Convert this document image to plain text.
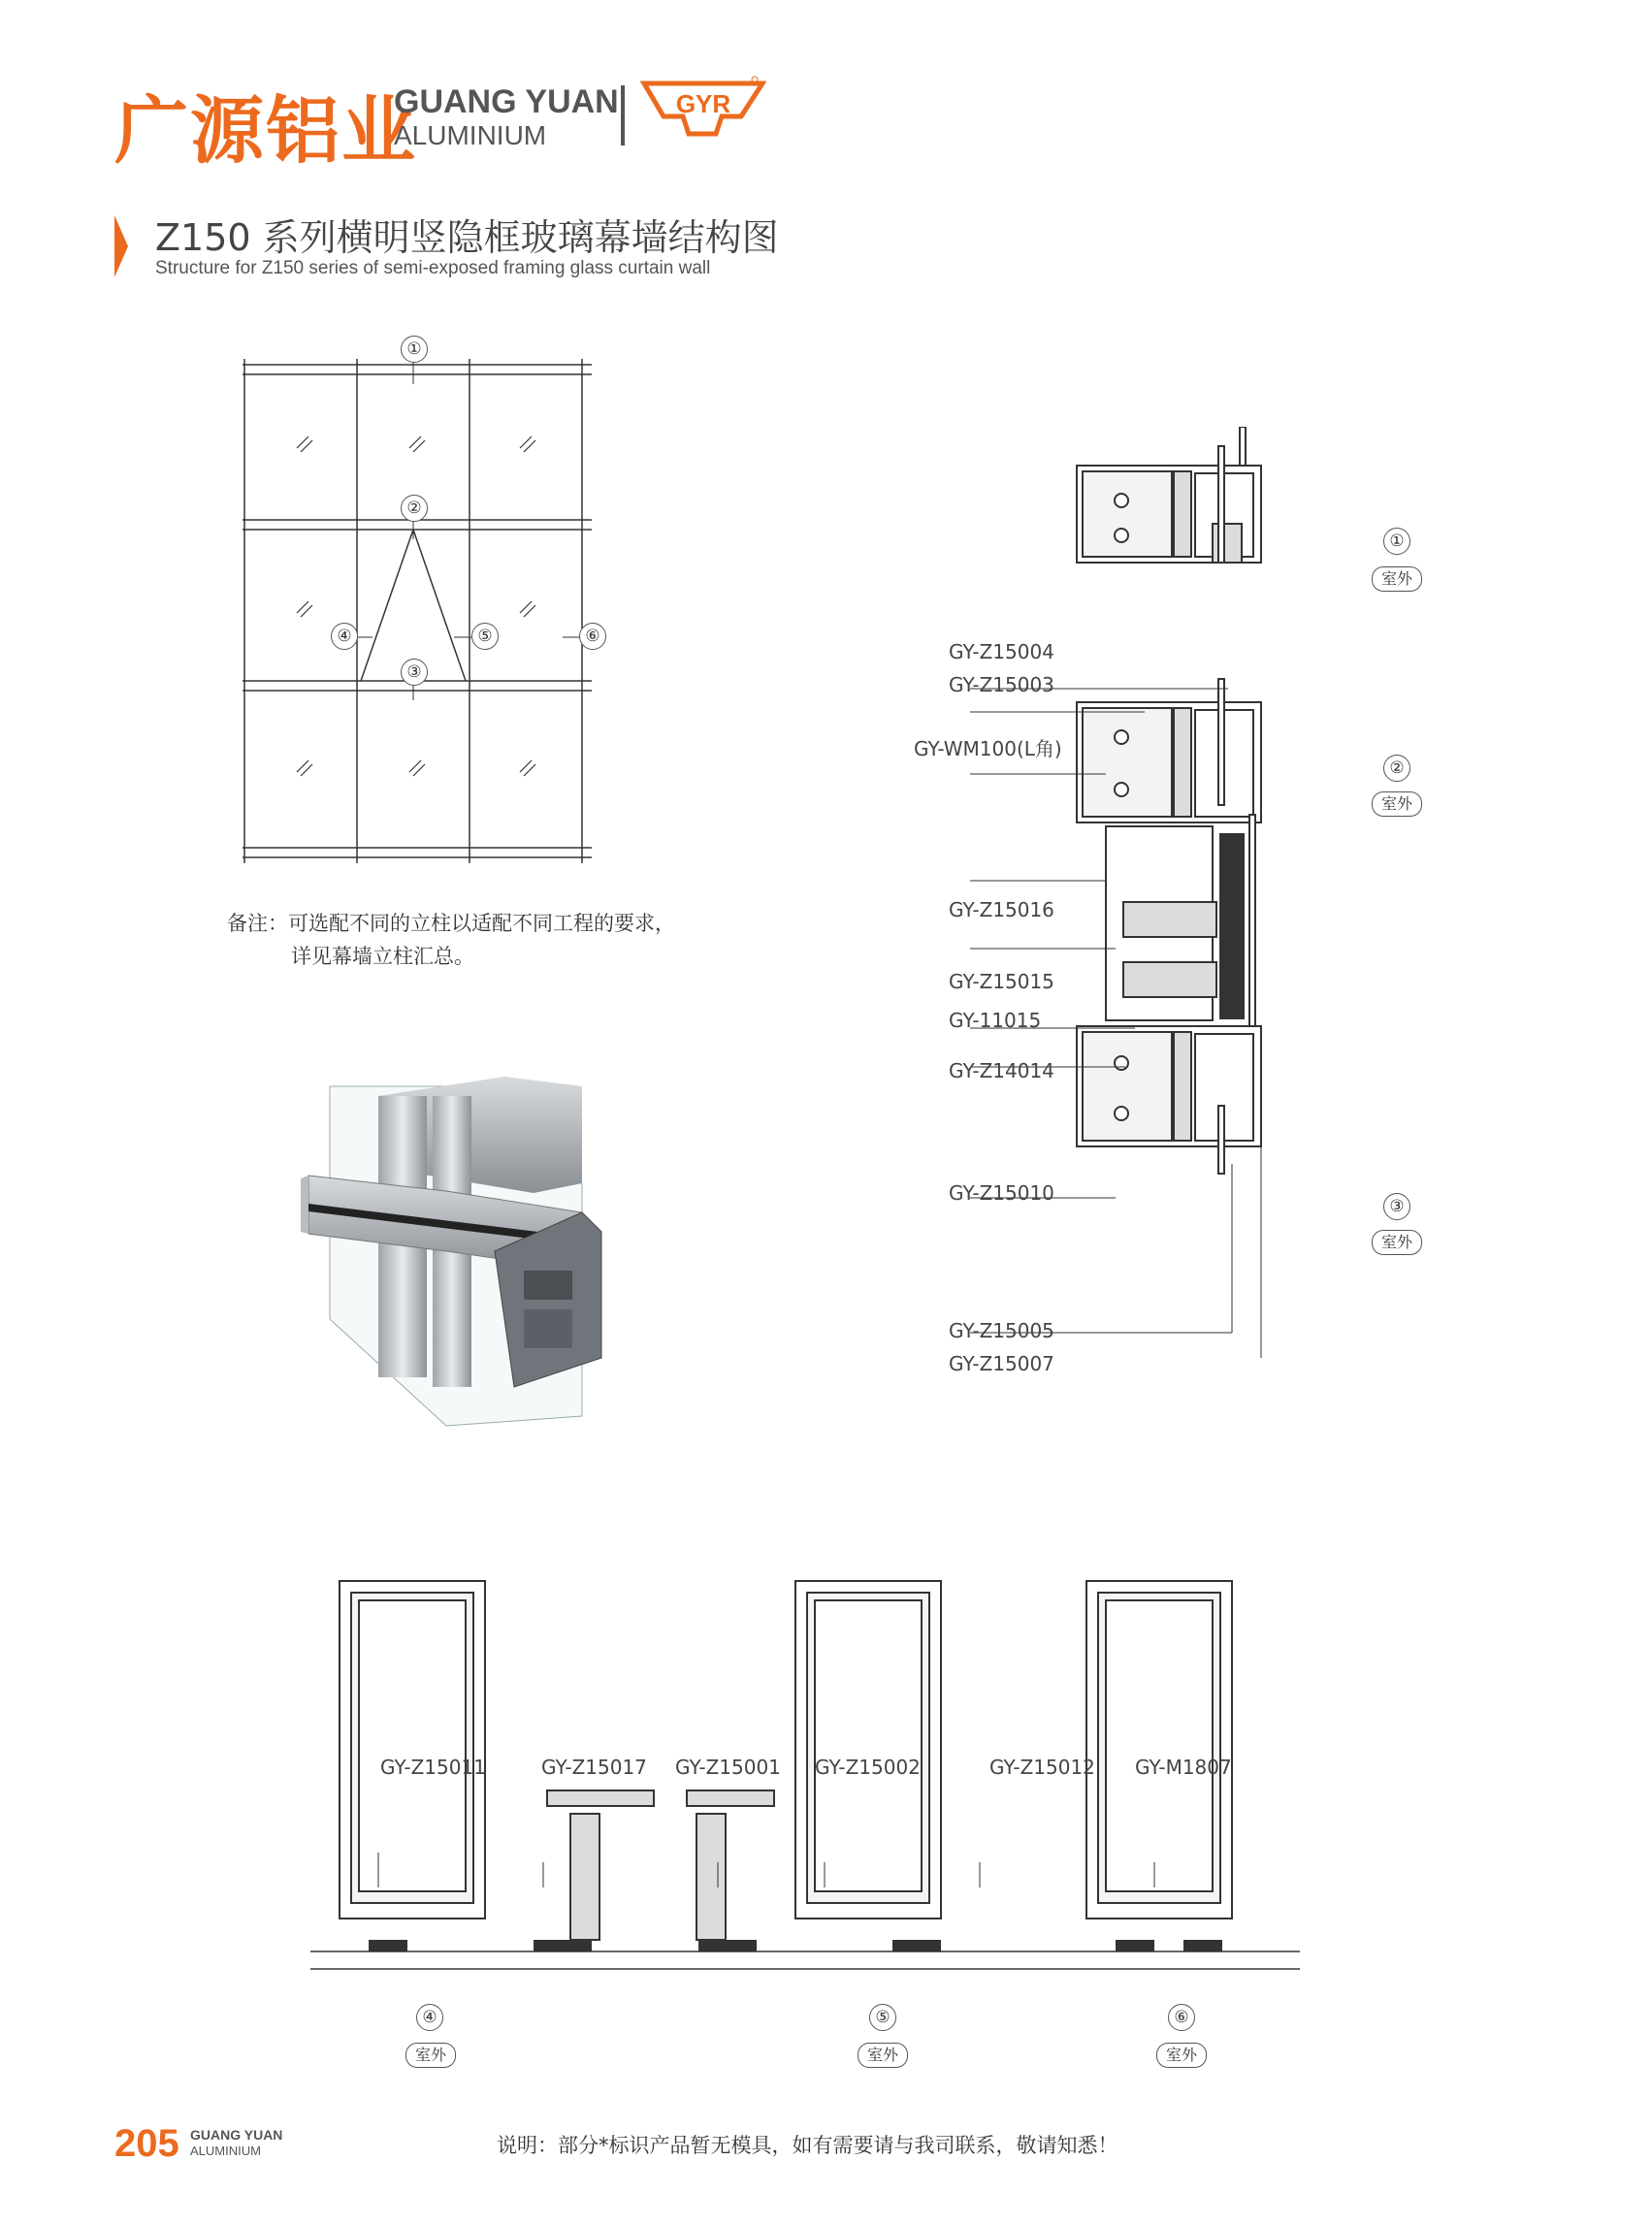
广源铝业
GUANG YUAN
ALUMINIUM
GYR
Z150 系列横明竖隐框玻璃幕墙结构图
Structure for Z150 series of semi-exposed framing glass curtain wall
①
②
③
④	⑤	⑥
备注：可选配不同的立柱以适配不同工程的要求，
详见幕墙立柱汇总。
GY-Z15004
GY-Z15003
GY-WM100(L角)
GY-Z15016
GY-Z15015
GY-11015
GY-Z14014
GY-Z15010
GY-Z15005
GY-Z15007
①
室外
②
室外
③
室外
GY-Z15011	GY-Z15017 GY-Z15001 GY-Z15002	GY-Z15012 GY-M1807
④
室外
⑤
室外
⑥
室外
205 GUANG YUAN
ALUMINIUM	说明：部分*标识产品暂无模具，如有需要请与我司联系，敬请知悉！
